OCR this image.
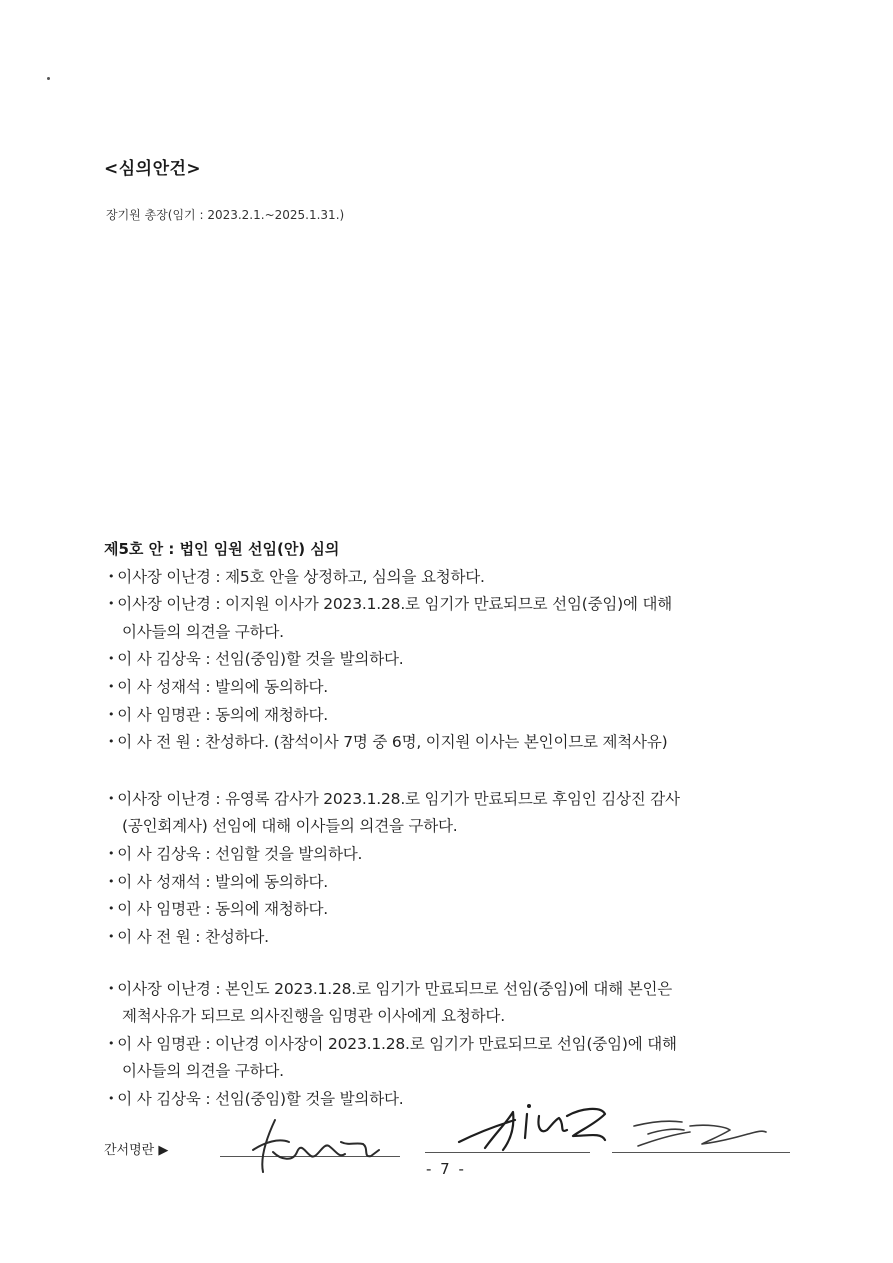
<심의안건>
장기원 총장(임기 : 2023.2.1.~2025.1.31.)
제5호 안 : 법인 임원 선임(안) 심의
• 이사장 이난경 : 제5호 안을 상정하고, 심의을 요청하다.
• 이사장 이난경 : 이지원 이사가 2023.1.28.로 임기가 만료되므로 선임(중임)에 대해
이사들의 의견을 구하다.
• 이 사 김상욱 : 선임(중임)할 것을 발의하다.
• 이 사 성재석 : 발의에 동의하다.
• 이 사 임명관 : 동의에 재청하다.
• 이 사 전 원 : 찬성하다. (참석이사 7명 중 6명, 이지원 이사는 본인이므로 제척사유)
• 이사장 이난경 : 유영록 감사가 2023.1.28.로 임기가 만료되므로 후임인 김상진 감사
(공인회계사) 선임에 대해 이사들의 의견을 구하다.
• 이 사 김상욱 : 선임할 것을 발의하다.
• 이 사 성재석 : 발의에 동의하다.
• 이 사 임명관 : 동의에 재청하다.
• 이 사 전 원 : 찬성하다.
• 이사장 이난경 : 본인도 2023.1.28.로 임기가 만료되므로 선임(중임)에 대해 본인은
제척사유가 되므로 의사진행을 임명관 이사에게 요청하다.
• 이 사 임명관 : 이난경 이사장이 2023.1.28.로 임기가 만료되므로 선임(중임)에 대해
이사들의 의견을 구하다.
• 이 사 김상욱 : 선임(중임)할 것을 발의하다.
간서명란 ▶
- 7 -
